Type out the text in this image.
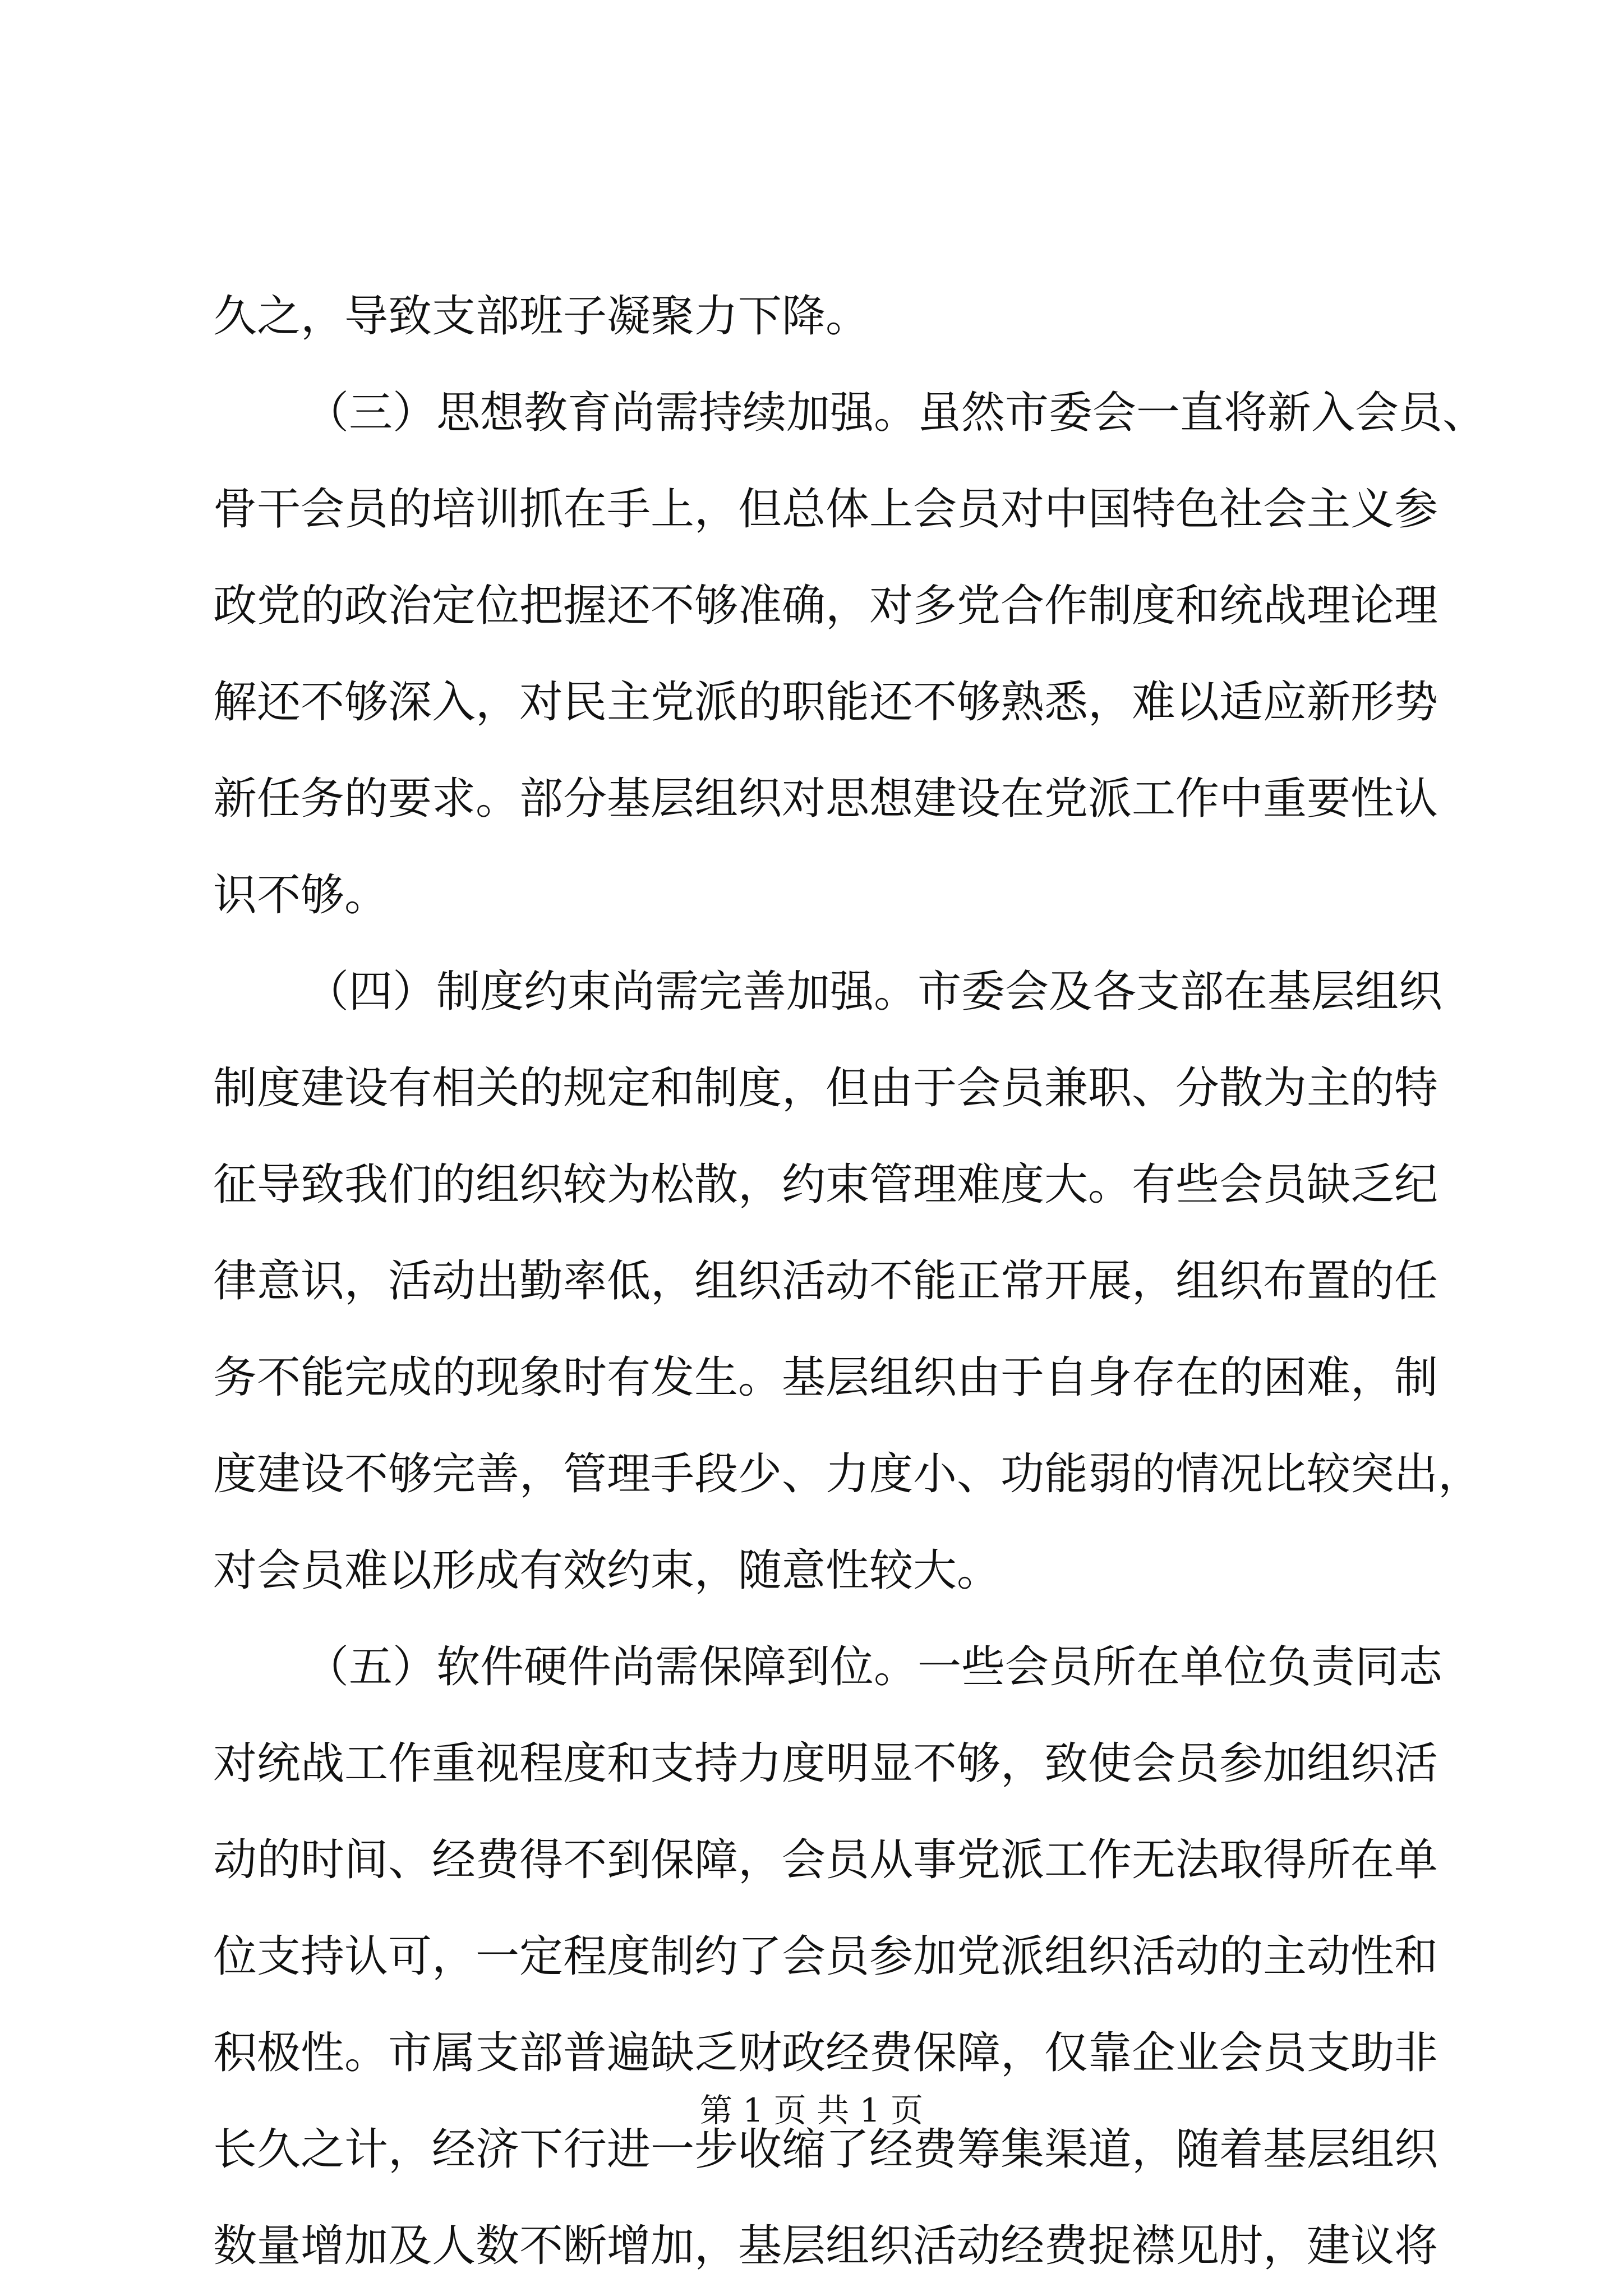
久之，导致支部班子凝聚力下降。
（三）思想教育尚需持续加强。虽然市委会一直将新入会员、
骨干会员的培训抓在手上，但总体上会员对中国特色社会主义参
政党的政治定位把握还不够准确，对多党合作制度和统战理论理
解还不够深入，对民主党派的职能还不够熟悉，难以适应新形势
新任务的要求。部分基层组织对思想建设在党派工作中重要性认
识不够。
（四）制度约束尚需完善加强。市委会及各支部在基层组织
制度建设有相关的规定和制度，但由于会员兼职、分散为主的特
征导致我们的组织较为松散，约束管理难度大。有些会员缺乏纪
律意识，活动出勤率低，组织活动不能正常开展，组织布置的任
务不能完成的现象时有发生。基层组织由于自身存在的困难，制
度建设不够完善，管理手段少、力度小、功能弱的情况比较突出，
对会员难以形成有效约束，随意性较大。
（五）软件硬件尚需保障到位。一些会员所在单位负责同志
对统战工作重视程度和支持力度明显不够，致使会员参加组织活
动的时间、经费得不到保障，会员从事党派工作无法取得所在单
位支持认可，一定程度制约了会员参加党派组织活动的主动性和
积极性。市属支部普遍缺乏财政经费保障，仅靠企业会员支助非
长久之计，经济下行进一步收缩了经费筹集渠道，随着基层组织
数量增加及人数不断增加，基层组织活动经费捉襟见肘，建议将
第 1 页 共 1 页
